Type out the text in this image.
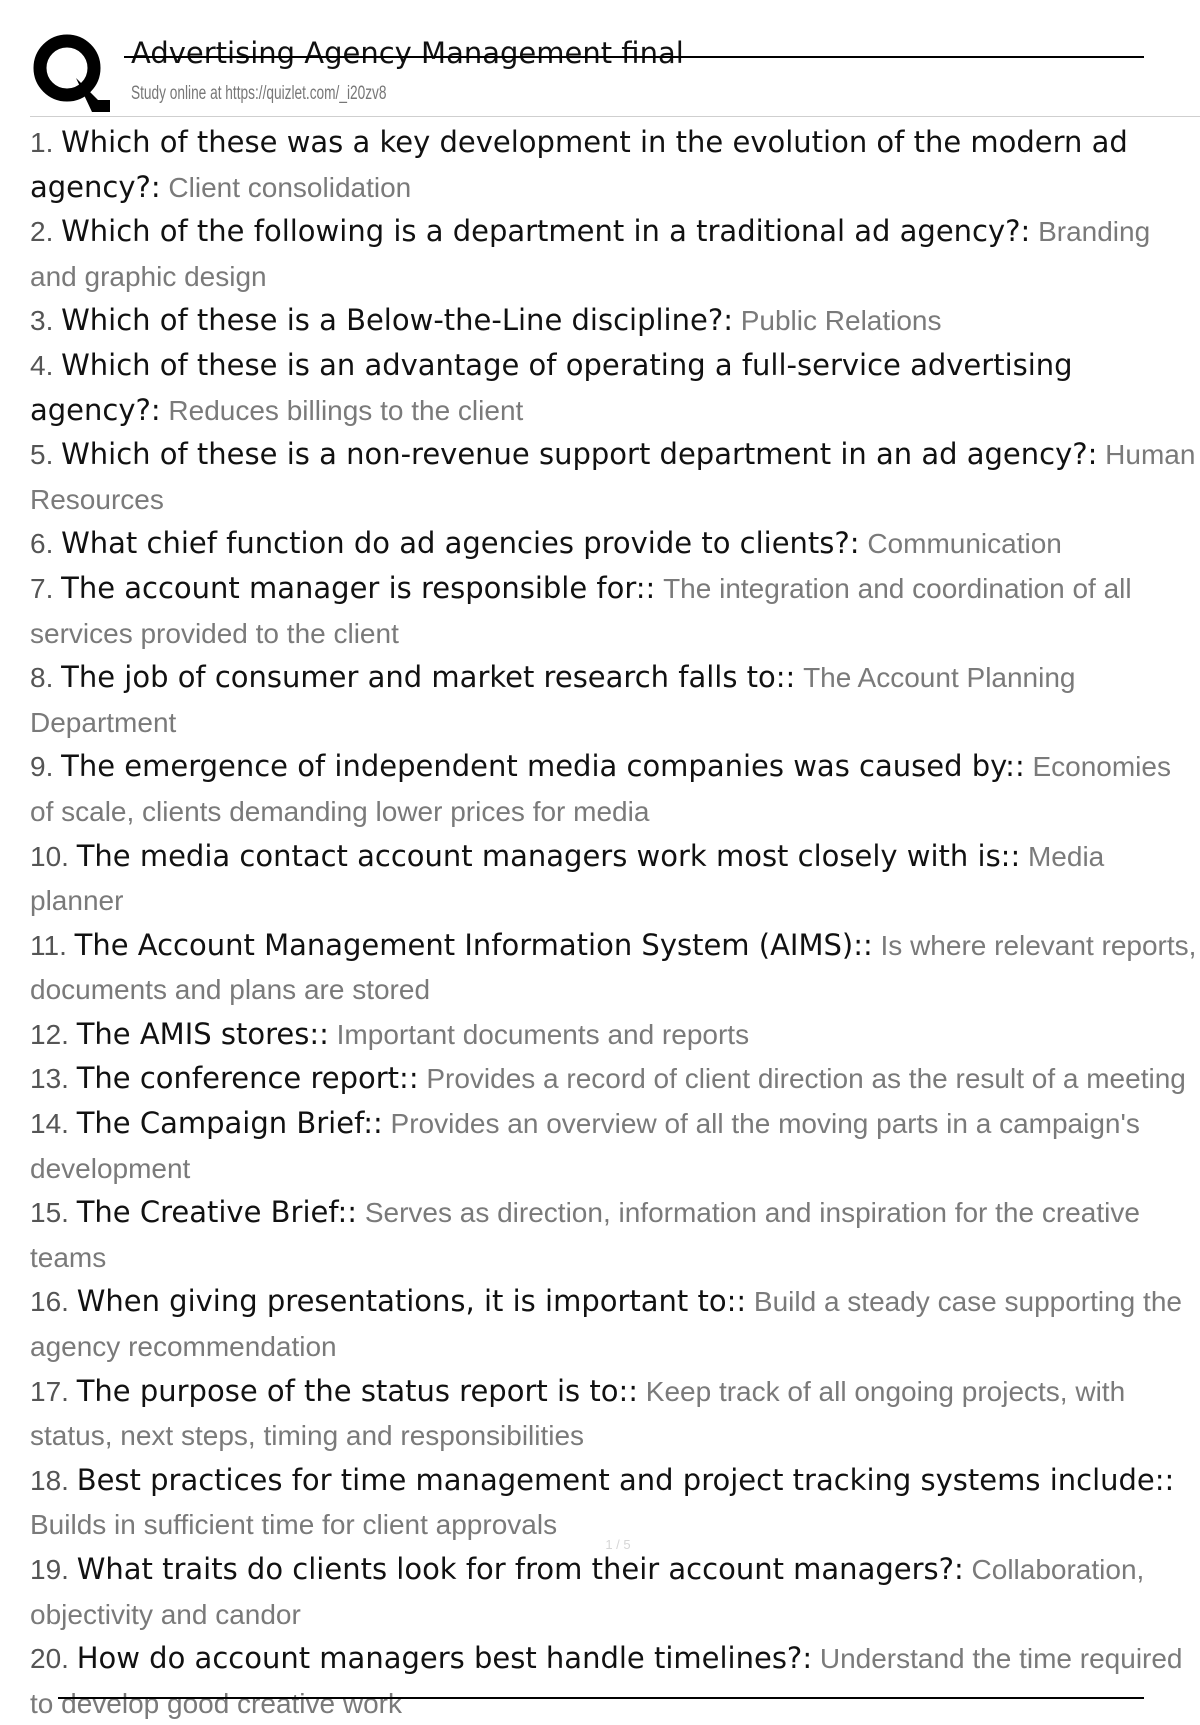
Advertising Agency Management final
Study online at https://quizlet.com/_i20zv8
1. Which of these was a key development in the evolution of the modern ad agency?: Client consolidation
2. Which of the following is a department in a traditional ad agency?: Branding and graphic design
3. Which of these is a Below-the-Line discipline?: Public Relations
4. Which of these is an advantage of operating a full-service advertising agency?: Reduces billings to the client
5. Which of these is a non-revenue support department in an ad agency?: Human Resources
6. What chief function do ad agencies provide to clients?: Communication
7. The account manager is responsible for:: The integration and coordination of all services provided to the client
8. The job of consumer and market research falls to:: The Account Planning Department
9. The emergence of independent media companies was caused by:: Economies of scale, clients demanding lower prices for media
10. The media contact account managers work most closely with is:: Media planner
11. The Account Management Information System (AIMS):: Is where relevant reports, documents and plans are stored
12. The AMIS stores:: Important documents and reports
13. The conference report:: Provides a record of client direction as the result of a meeting
14. The Campaign Brief:: Provides an overview of all the moving parts in a campaign's development
15. The Creative Brief:: Serves as direction, information and inspiration for the creative teams
16. When giving presentations, it is important to:: Build a steady case supporting the agency recommendation
17. The purpose of the status report is to:: Keep track of all ongoing projects, with status, next steps, timing and responsibilities
18. Best practices for time management and project tracking systems include:: Builds in sufficient time for client approvals
19. What traits do clients look for from their account managers?: Collaboration, objectivity and candor
20. How do account managers best handle timelines?: Understand the time required to develop good creative work
1 / 5
